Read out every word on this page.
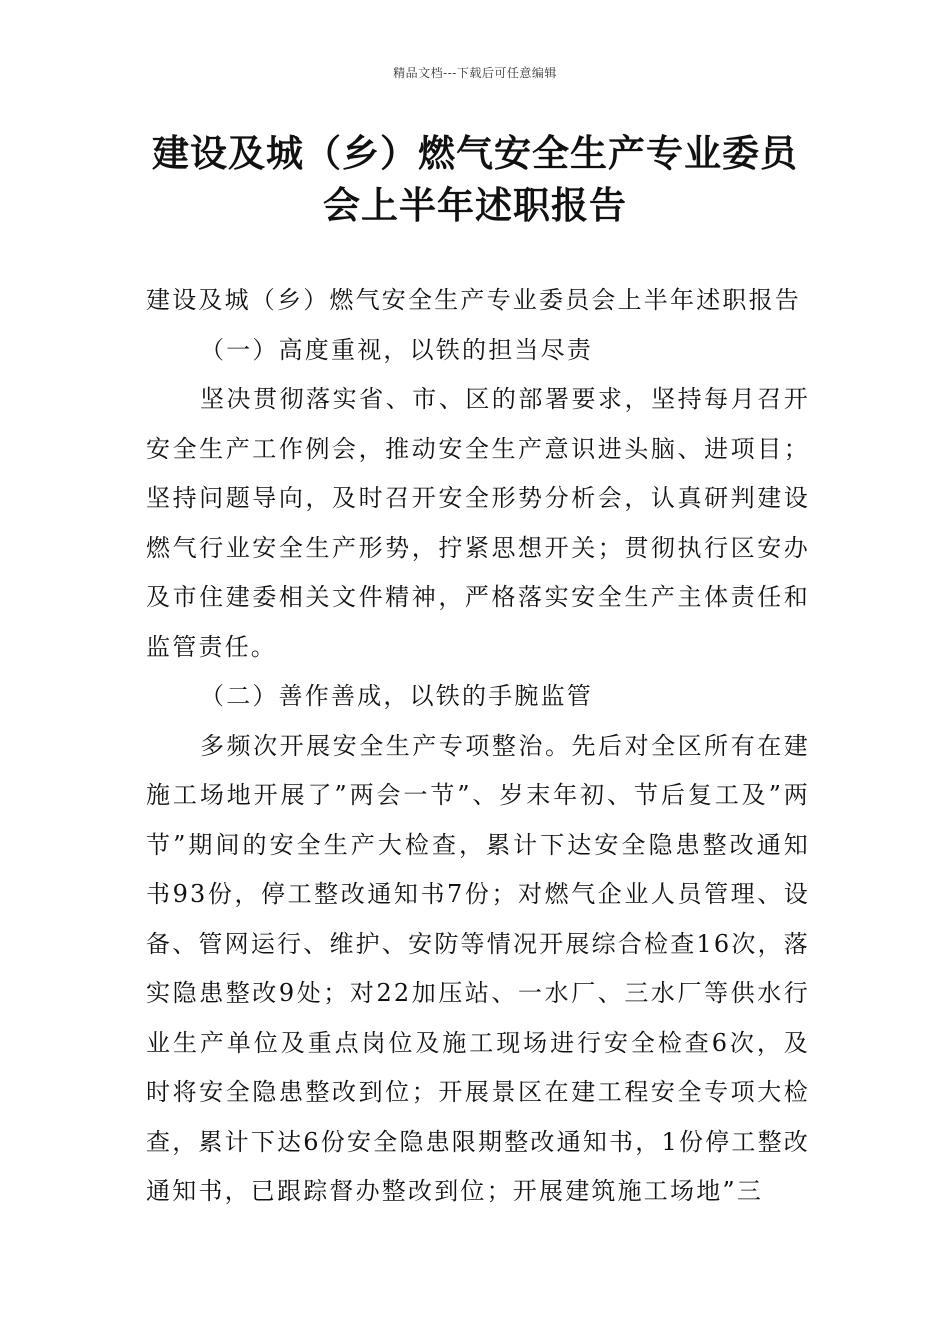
精品文档---下载后可任意编辑
建设及城（乡）燃气安全生产专业委员
会上半年述职报告

建设及城（乡）燃气安全生产专业委员会上半年述职报告

（一）高度重视，以铁的担当尽责

坚决贯彻落实省、市、区的部署要求，坚持每月召开安全生产工作例会，推动安全生产意识进头脑、进项目；坚持问题导向，及时召开安全形势分析会，认真研判建设燃气行业安全生产形势，拧紧思想开关；贯彻执行区安办及市住建委相关文件精神，严格落实安全生产主体责任和监管责任。

（二）善作善成，以铁的手腕监管

多频次开展安全生产专项整治。先后对全区所有在建施工场地开展了”两会一节”、岁末年初、节后复工及”两节”期间的安全生产大检查，累计下达安全隐患整改通知书93份，停工整改通知书7份；对燃气企业人员管理、设备、管网运行、维护、安防等情况开展综合检查16次，落实隐患整改9处；对22加压站、一水厂、三水厂等供水行业生产单位及重点岗位及施工现场进行安全检查6次，及时将安全隐患整改到位；开展景区在建工程安全专项大检查，累计下达6份安全隐患限期整改通知书，1份停工整改通知书，已跟踪督办整改到位；开展建筑施工场地”三
